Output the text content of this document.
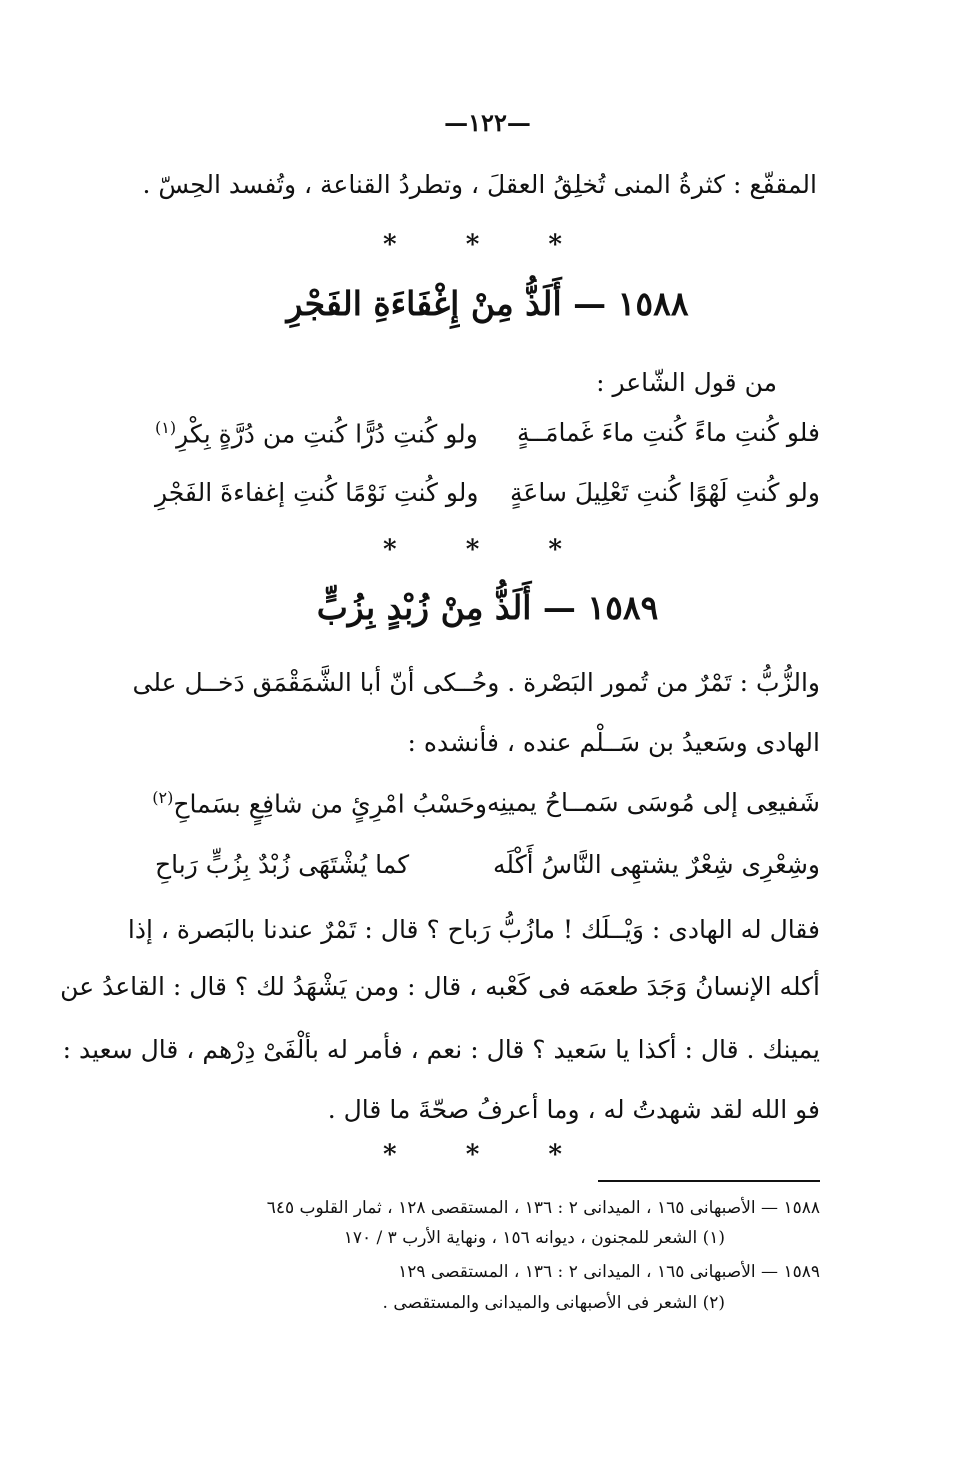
—١٢٢—
المقفّع : كثرةُ المنى تُخلِقُ العقلَ ، وتطردُ القناعة ، وتُفسد الحِسّ .
* * *
١٥٨٨ — أَلَذُّ مِنْ إِغْفَاءَةِ الفَجْرِ
من قول الشّاعر :
فلو كُنتِ ماءً كُنتِ ماءَ غَمامَــةٍ
ولو كُنتِ دُرًّا كُنتِ من دُرَّةٍ بِكْرِ$^{(١)}$
ولو كُنتِ لَهْوًا كُنتِ تَعْلِيلَ ساعَةٍ
ولو كُنتِ نَوْمًا كُنتِ إغفاءةَ الفَجْرِ
* * *
١٥٨٩ — أَلَذُّ مِنْ زُبْدٍ بِزُبٍّ
والزُّبُّ : تَمْرٌ من تُمور البَصْرة . وحُــكى أنّ أبا الشَّمَقْمَق دَخــل على
الهادى وسَعيدُ بن سَــلْم عنده ، فأنشده :
شَفيعِى إلى مُوسَى سَمــاحُ يمينِه
وحَسْبُ امْرِئٍ من شافِعٍ بسَماحِ$^{(٢)}$
وشِعْرِى شِعْرٌ يشتهِى النَّاسُ أَكْلَه
كما يُشْتَهَى زُبْدٌ بِزُبٍّ رَباحِ
فقال له الهادى : وَيْــلَك ! مازُبُّ رَباح ؟ قال : تَمْرٌ عندنا بالبَصرة ، إذا
أكله الإنسانُ وَجَدَ طعمَه فى كَعْبه ، قال : ومن يَشْهَدُ لك ؟ قال : القاعدُ عن
يمينك . قال : أكذا يا سَعيد ؟ قال : نعم ، فأمر له بألْفَىْ دِرْهم ، قال سعيد :
فو الله لقد شهدتُ له ، وما أعرفُ صحّةَ ما قال .
* * *
١٥٨٨ — الأصبهانى ١٦٥ ، الميدانى ٢ : ١٣٦ ، المستقصى ١٢٨ ، ثمار القلوب ٦٤٥
(١) الشعر للمجنون ، ديوانه ١٥٦ ، ونهاية الأرب ٣ / ١٧٠
١٥٨٩ — الأصبهانى ١٦٥ ، الميدانى ٢ : ١٣٦ ، المستقصى ١٢٩
(٢) الشعر فى الأصبهانى والميدانى والمستقصى .
